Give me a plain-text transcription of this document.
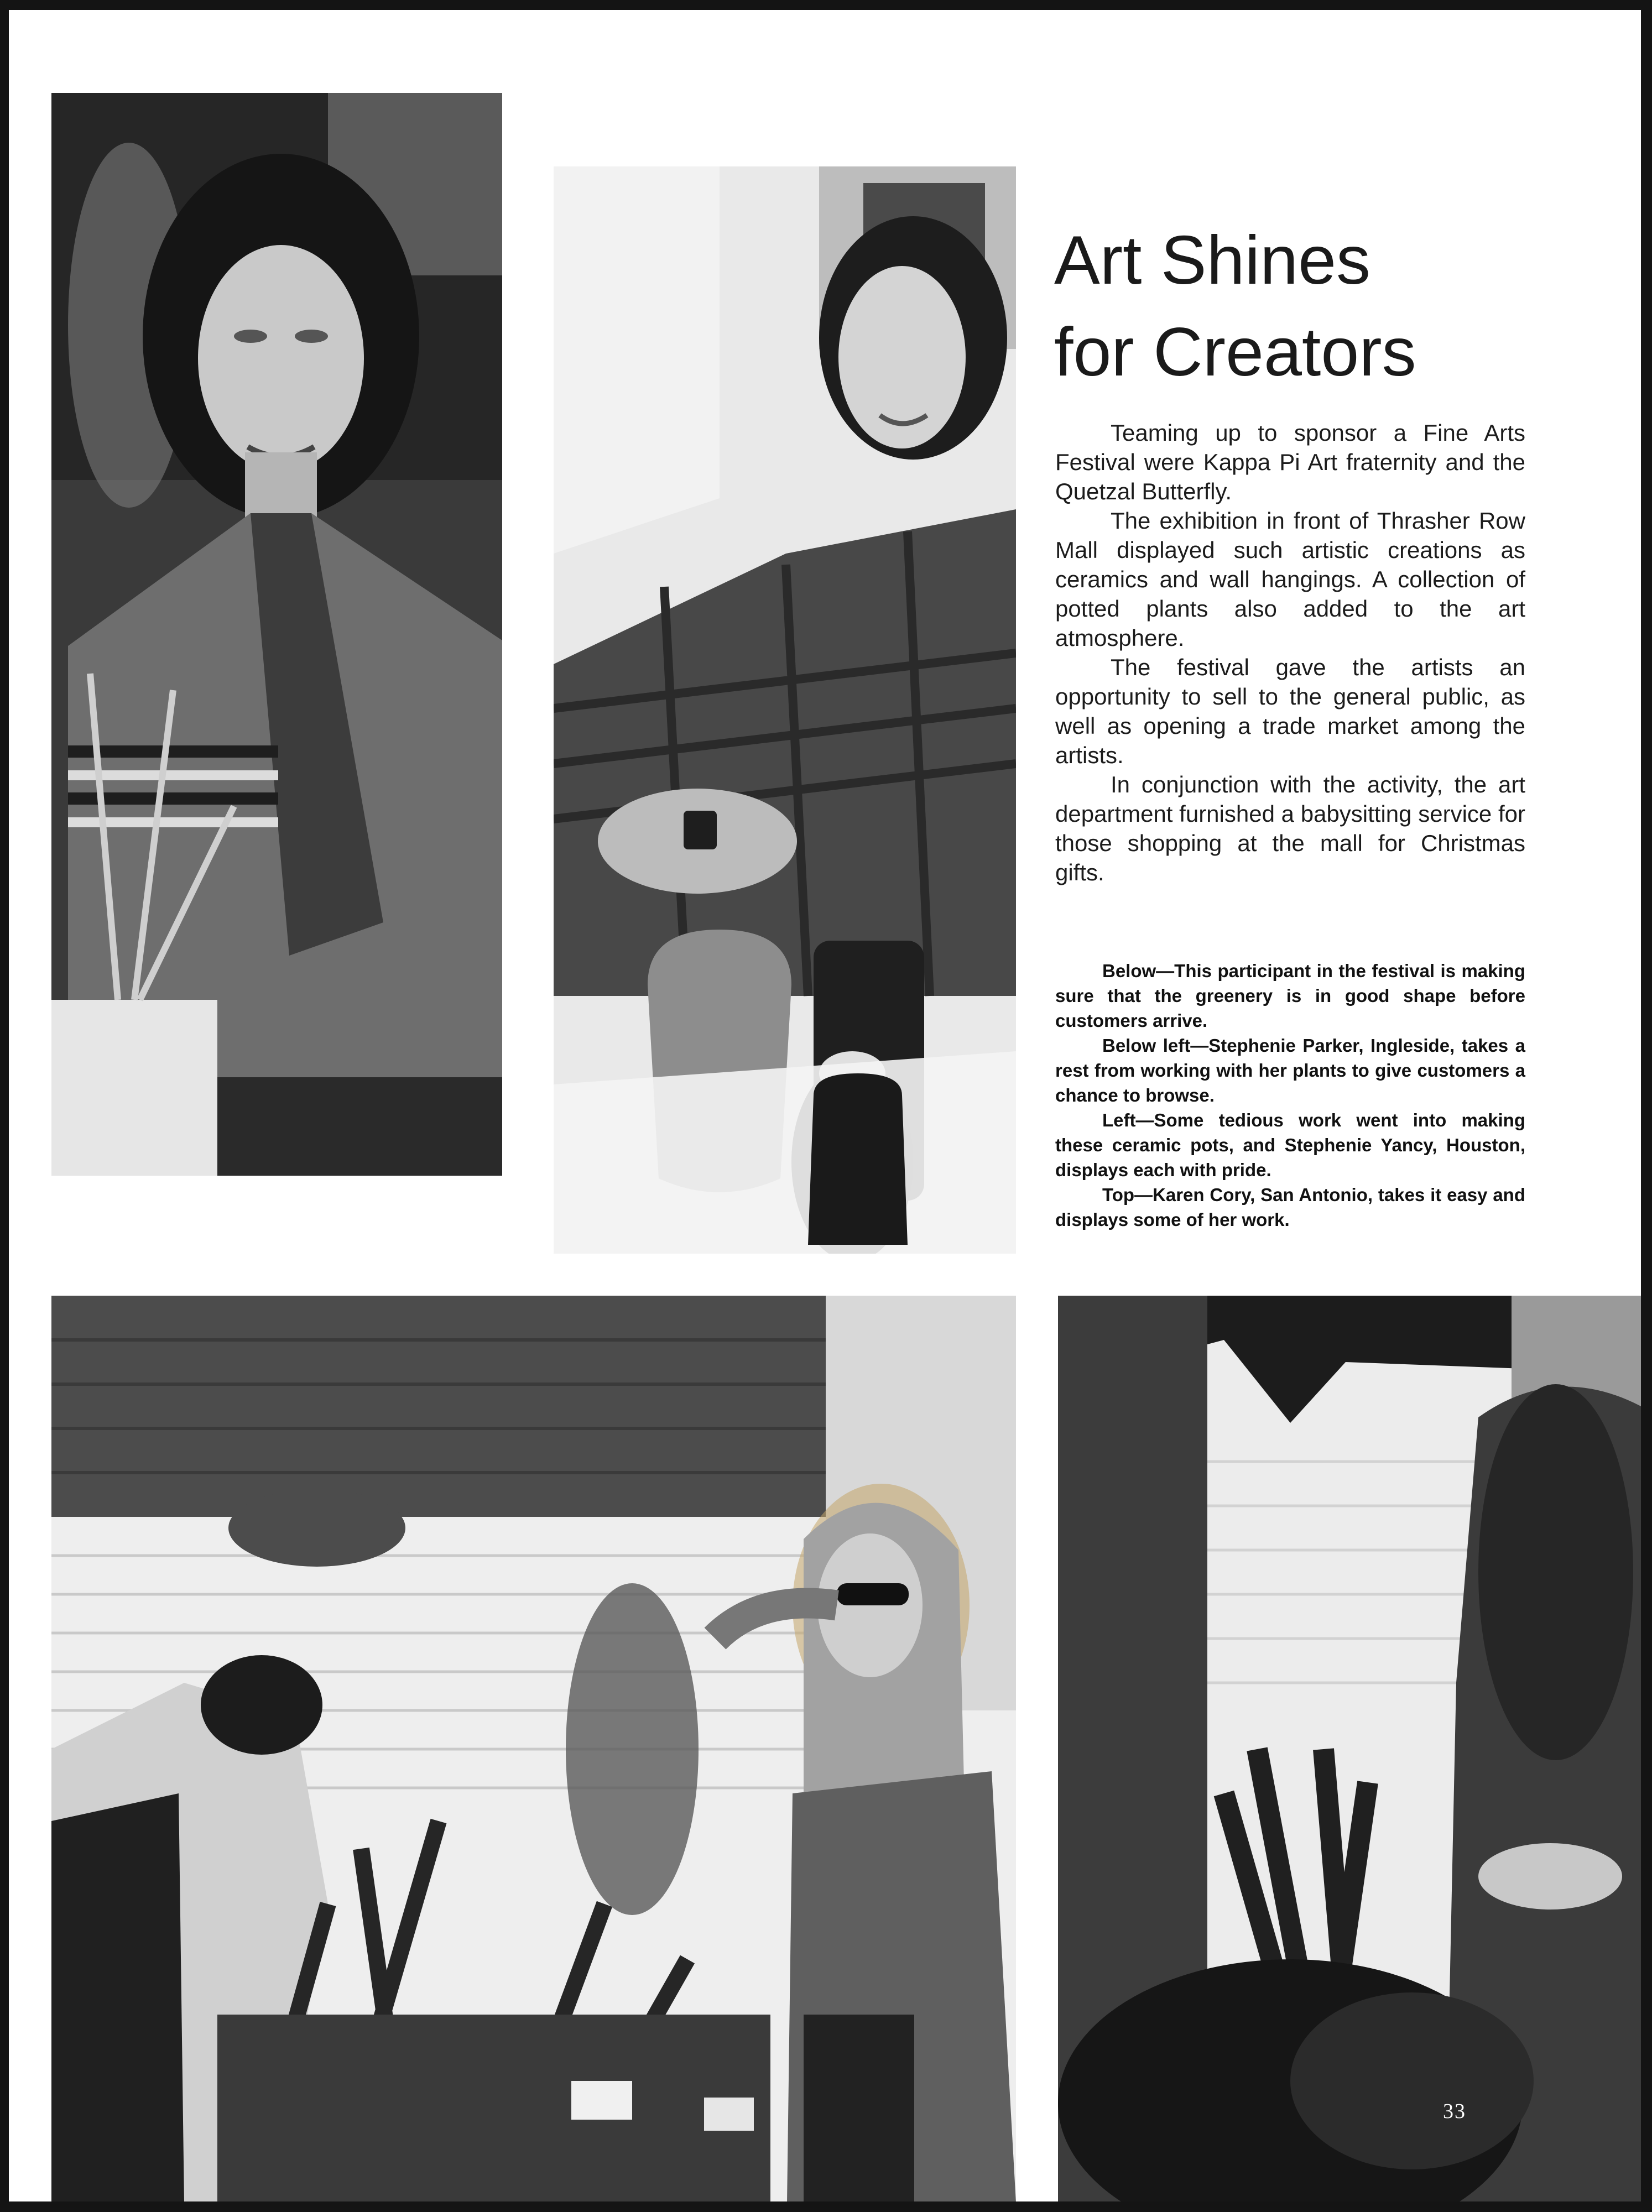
Art Shines
for Creators

Teaming up to sponsor a Fine Arts Festival were Kappa Pi Art fraternity and the Quetzal Butterfly.

The exhibition in front of Thrasher Row Mall displayed such artistic creations as ceramics and wall hangings. A collection of potted plants also added to the art atmosphere.

The festival gave the artists an opportunity to sell to the general public, as well as opening a trade market among the artists.

In conjunction with the activity, the art department furnished a babysitting service for those shopping at the mall for Christmas gifts.

Below—This participant in the festival is making sure that the greenery is in good shape before customers arrive.

Below left—Stephenie Parker, Ingleside, takes a rest from working with her plants to give customers a chance to browse.

Left—Some tedious work went into making these ceramic pots, and Stephenie Yancy, Houston, displays each with pride.

Top—Karen Cory, San Antonio, takes it easy and displays some of her work.

33
